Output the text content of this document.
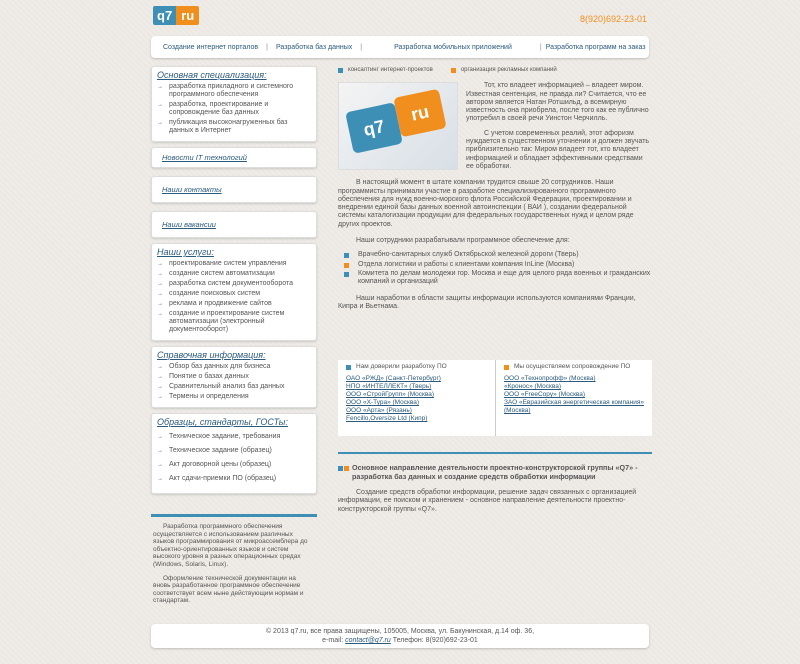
q7 ru	8(920)692-23-01
Создание интернет порталов | Разработка баз данных |	Разработка мобильных приложений	| Разработка программ на заказ
Основная специализация:
→ разработка прикладного и системного программного обеспечения
→ разработка, проектирование и сопровождение баз данных
→ публикация высоконагруженных баз данных в Интернет
Новости IT технологий
Наши контакты
Наши вакансии
Наши услуги:
→ проектирование систем управления
→ создание систем автоматизации
→ разработка систем документооборота
→ создание поисковых систем
→ реклама и продвижение сайтов
→ создание и проектирование систем автоматизации (электронный документооборот)
Справочная информация:
→ Обзор баз данных для бизнеса
→ Понятие о базах данных
→ Сравнительный анализ баз данных
→ Термены и определения
Образцы, стандарты, ГОСТы:
→ Техническое задание, требования
→ Техническое задание (образец)
→ Акт договорной цены (образец)
→ Акт сдачи-приемки ПО (образец)

Разработка программного обеспечения осуществляется с использованием различных языков программирования от микроассемблера до объектно-ориентированных языков и систем высокого уровня в разных операционных средах (Windows, Solaris, Linux).

Оформление технической документации на вновь разработанное программное обеспечение соответствует всем ныне действующим нормам и стандартам.

консалтинг интернет-проектов	организация рекламных компаний
q7
ru

Тот, кто владеет информацией – владеет миром. Известная сентенция, не правда ли? Считается, что ее автором является Натан Ротшильд, а всемирную известность она приобрела, после того как ее публично употребил в своей речи Уинстон Черчилль.

С учетом современных реалий, этот афоризм нуждается в существенном уточнении и должен звучать приблизительно так: Миром владеет тот, кто владеет информацией и обладает эффективными средствами ее обработки.

В настоящий момент в штате компании трудится свыше 20 сотрудников. Наши программисты принимали участие в разработке специализированного программного обеспечения для нужд военно-морского флота Российской Федерации, проектировании и внедрении единой базы данных военной автоинспекции ( ВАИ ), создании федеральной системы каталогизации продукции для федеральных государственных нужд и целом ряде других проектов.

Наши сотрудники разрабатывали программное обеспечение для:

Врачебно-санитарных служб Октябрьской железной дороги (Тверь)
Отдела логистики и работы с клиентами компания InLine (Москва)
Комитета по делам молодежи гор. Москва и еще для целого ряда военных и гражданских компаний и организаций

Наши наработки в области защиты информации используются компаниями Франции, Кипра и Вьетнама.

Нам доверили разработку ПО
ОАО «РЖД» (Санкт-Петербург)
НПО «ИНТЕЛЛЕКТ» (Тверь)
ООО «СтройГрупп» (Москва)
ООО «Х-Тура» (Москва)
ООО «Арта» (Рязань)
Fencillo,Oversize Ltd (Кипр)
Мы осуществляем сопровождение ПО
ООО «Технопрофф» (Москва)
«Кронос» (Москва)
ООО «FreeCopy» (Москва)
ЗАО «Евразийская энергетическая компания» (Москва)
Основное направление деятельности проектно-конструкторской группы «Q7» - разработка баз данных и создание средств обработки информации

Создание средств обработки информации, решение задач связанных с организацией информации, ее поиском и хранением - основное направление деятельности проектно-конструкторской группы «Q7».

© 2013 q7.ru, все права защищены, 105005, Москва, ул. Бакунинская, д.14 оф. 36,
e-mail: contact@q7.ru Телефон: 8(920)692-23-01
